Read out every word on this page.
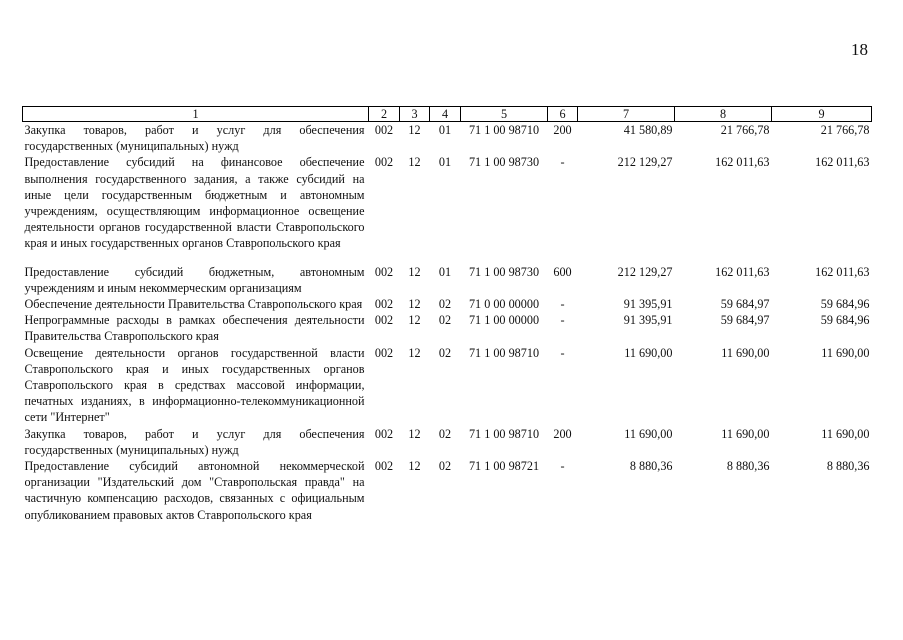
18
1	2	3	4	5	6	7	8	9
Закупка товаров, работ и услуг для обеспечения государственных (муниципальных) нужд	002	12	01	71 1 00 98710	200	41 580,89	21 766,78	21 766,78
Предоставление субсидий на финансовое обеспечение выполнения государственного задания, а также субсидий на иные цели государственным бюджетным и автономным учреждениям, осуществляющим информационное освещение деятельности органов государственной власти Ставропольского края и иных государственных органов Ставропольского края	002	12	01	71 1 00 98730	-	212 129,27	162 011,63	162 011,63
Предоставление субсидий бюджетным, автономным учреждениям и иным некоммерческим организациям	002	12	01	71 1 00 98730	600	212 129,27	162 011,63	162 011,63
Обеспечение деятельности Правительства Ставропольского края	002	12	02	71 0 00 00000	-	91 395,91	59 684,97	59 684,96
Непрограммные расходы в рамках обеспечения деятельности Правительства Ставропольского края	002	12	02	71 1 00 00000	-	91 395,91	59 684,97	59 684,96
Освещение деятельности органов государственной власти Ставропольского края и иных государственных органов Ставропольского края в средствах массовой информации, печатных изданиях, в информационно-телекоммуникационной сети "Интернет"	002	12	02	71 1 00 98710	-	11 690,00	11 690,00	11 690,00
Закупка товаров, работ и услуг для обеспечения государственных (муниципальных) нужд	002	12	02	71 1 00 98710	200	11 690,00	11 690,00	11 690,00
Предоставление субсидий автономной некоммерческой организации "Издательский дом "Ставропольская правда" на частичную компенсацию расходов, связанных с официальным опубликованием правовых актов Ставропольского края	002	12	02	71 1 00 98721	-	8 880,36	8 880,36	8 880,36
